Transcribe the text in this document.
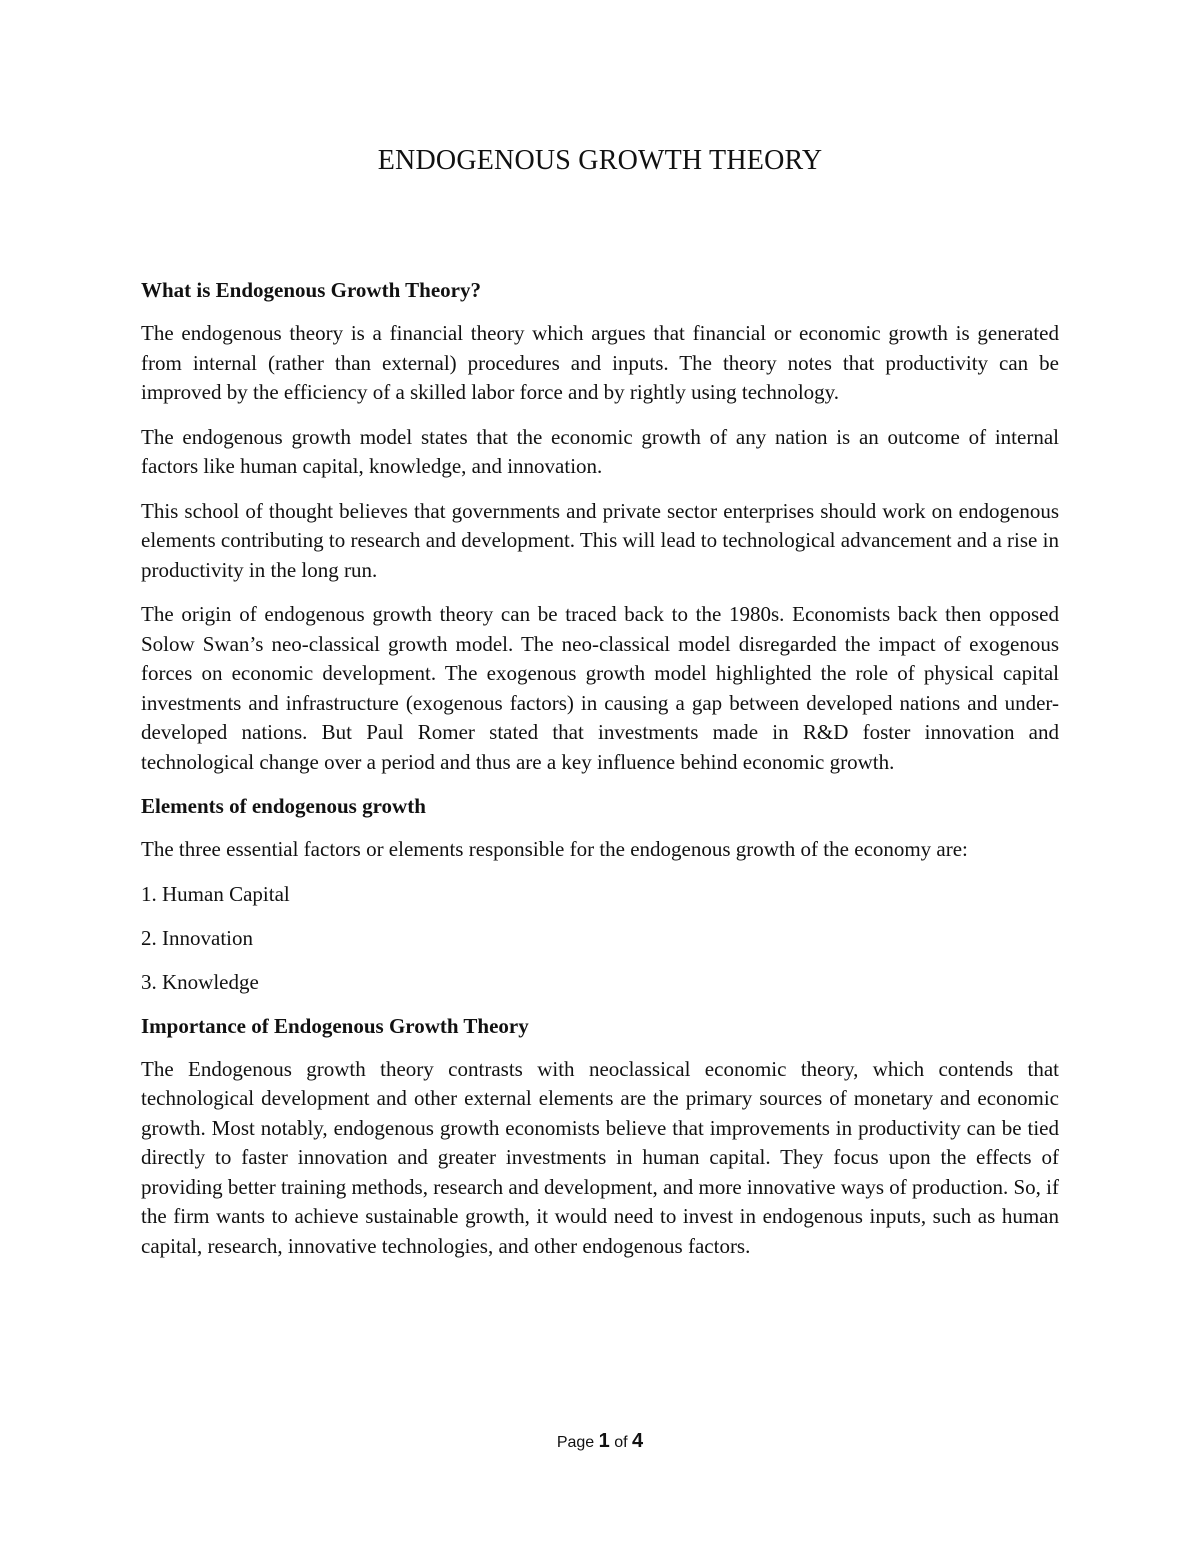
ENDOGENOUS GROWTH THEORY
What is Endogenous Growth Theory?

The endogenous theory is a financial theory which argues that financial or economic growth is generated from internal (rather than external) procedures and inputs. The theory notes that productivity can be improved by the efficiency of a skilled labor force and by rightly using technology.

The endogenous growth model states that the economic growth of any nation is an outcome of internal factors like human capital, knowledge, and innovation.

This school of thought believes that governments and private sector enterprises should work on endogenous elements contributing to research and development. This will lead to technological advancement and a rise in productivity in the long run.

The origin of endogenous growth theory can be traced back to the 1980s. Economists back then opposed Solow Swan’s neo-classical growth model. The neo-classical model disregarded the impact of exogenous forces on economic development. The exogenous growth model highlighted the role of physical capital investments and infrastructure (exogenous factors) in causing a gap between developed nations and under-developed nations. But Paul Romer stated that investments made in R&D foster innovation and technological change over a period and thus are a key influence behind economic growth.

Elements of endogenous growth

The three essential factors or elements responsible for the endogenous growth of the economy are:

1. Human Capital
2. Innovation
3. Knowledge
Importance of Endogenous Growth Theory

The Endogenous growth theory contrasts with neoclassical economic theory, which contends that technological development and other external elements are the primary sources of monetary and economic growth. Most notably, endogenous growth economists believe that improvements in productivity can be tied directly to faster innovation and greater investments in human capital. They focus upon the effects of providing better training methods, research and development, and more innovative ways of production. So, if the firm wants to achieve sustainable growth, it would need to invest in endogenous inputs, such as human capital, research, innovative technologies, and other endogenous factors.

Page 1 of 4
